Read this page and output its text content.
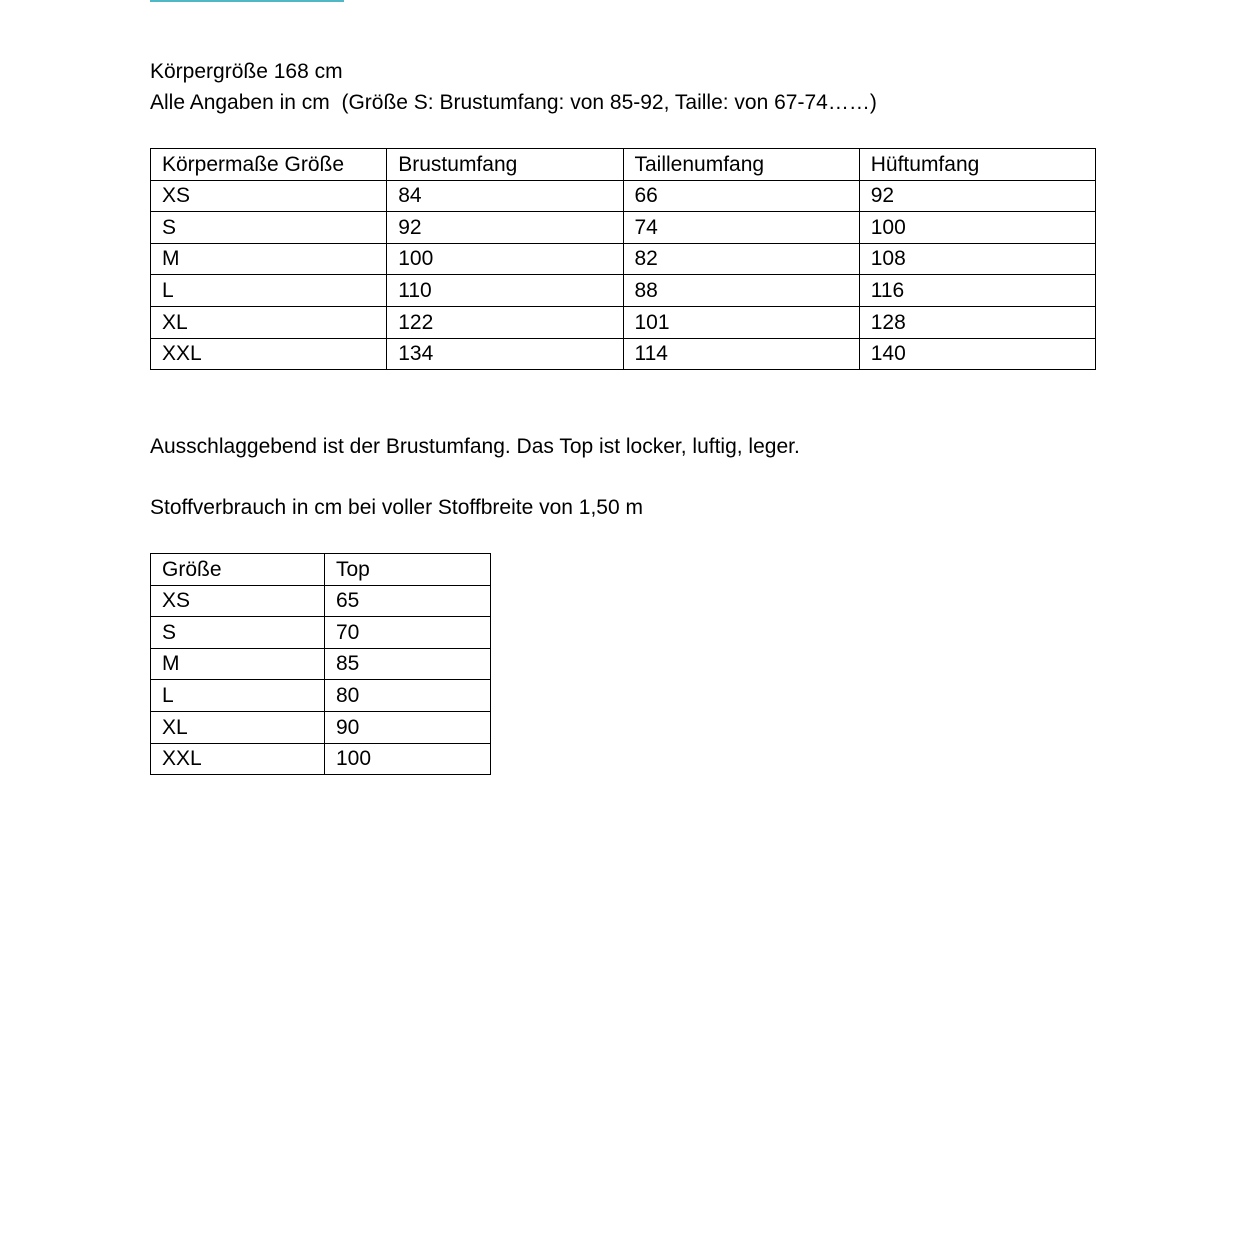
Körpergröße 168 cm
Alle Angaben in cm  (Größe S: Brustumfang: von 85-92, Taille: von 67-74……)
Körpermaße Größe	Brustumfang	Taillenumfang	Hüftumfang
XS	84	66	92
S	92	74	100
M	100	82	108
L	110	88	116
XL	122	101	128
XXL	134	114	140
Ausschlaggebend ist der Brustumfang. Das Top ist locker, luftig, leger.
Stoffverbrauch in cm bei voller Stoffbreite von 1,50 m
Größe	Top
XS	65
S	70
M	85
L	80
XL	90
XXL	100
